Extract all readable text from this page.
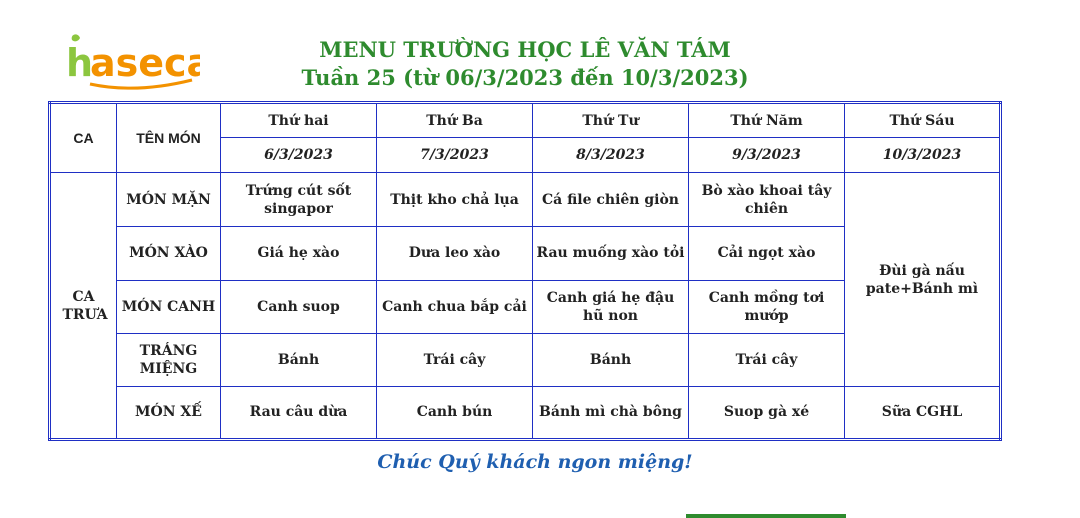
h
aseca	MENU TRƯỜNG HỌC LÊ VĂN TÁM
Tuần 25 (từ 06/3/2023 đến 10/3/2023)
CA	TÊN MÓN	Thứ hai	Thứ Ba	Thứ Tư	Thứ Năm	Thứ Sáu
		6/3/2023	7/3/2023	8/3/2023	9/3/2023	10/3/2023

CA TRƯA	MÓN MẶN	Trứng cút sốt singapor	Thịt kho chả lụa	Cá file chiên giòn	Bò xào khoai tây chiên	Đùi gà nấu pate+Bánh mì

	MÓN XÀO	Giá hẹ xào	Dưa leo xào	Rau muống xào tỏi	Cải ngọt xào	
	MÓN CANH	Canh suop	Canh chua bắp cải	Canh giá hẹ đậu hũ non	Canh mồng tơi mướp	

	TRÁNG MIỆNG	Bánh	Trái cây	Bánh	Trái cây	
	MÓN XẾ	Rau câu dừa	Canh bún	Bánh mì chà bông	Suop gà xé	Sữa CGHL
Chúc Quý khách ngon miệng!
